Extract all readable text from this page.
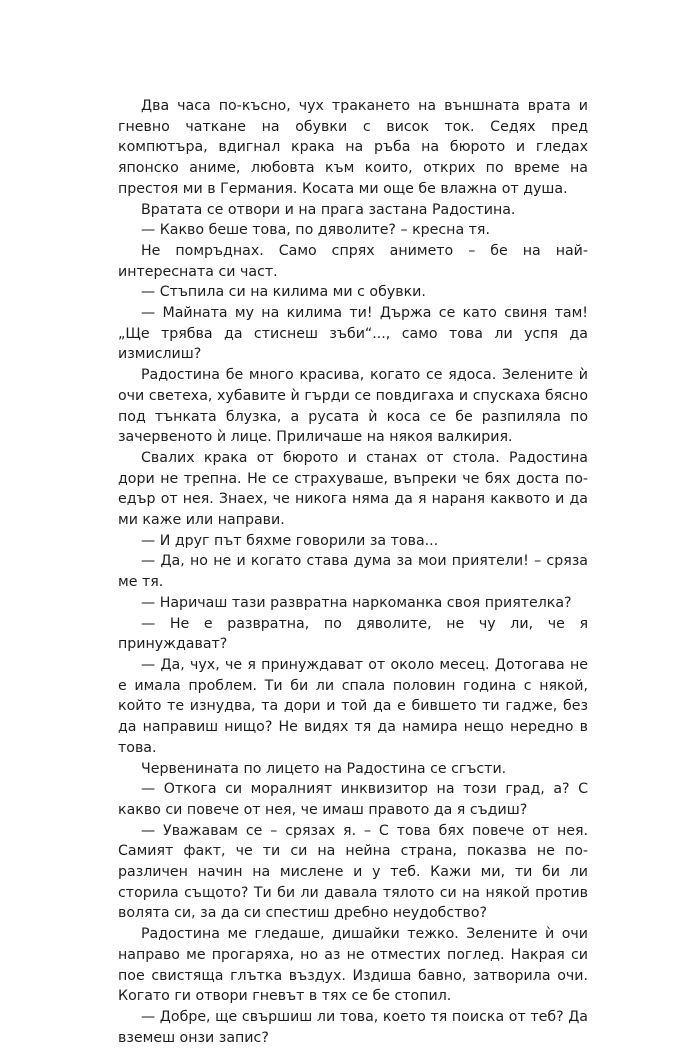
Два часа по-късно, чух тракането на външната врата и гневно чаткане на обувки с висок ток. Седях пред компютъра, вдигнал крака на ръба на бюрото и гледах японско аниме, любовта към които, открих по време на престоя ми в Германия. Косата ми още бе влажна от душа.

Вратата се отвори и на прага застана Радостина.

— Какво беше това, по дяволите? – кресна тя.

Не помръднах. Само спрях анимето – бе на най-интересната си част.

— Стъпила си на килима ми с обувки.

— Майната му на килима ти! Държа се като свиня там! „Ще трябва да стиснеш зъби“..., само това ли успя да измислиш?

Радостина бе много красива, когато се ядоса. Зелените ѝ очи светеха, хубавите ѝ гърди се повдигаха и спускаха бясно под тънката блузка, а русата ѝ коса се бе разпиляла по зачервеното ѝ лице. Приличаше на някоя валкирия.

Свалих крака от бюрото и станах от стола. Радостина дори не трепна. Не се страхуваше, въпреки че бях доста по-едър от нея. Знаех, че никога няма да я нараня каквото и да ми каже или направи.

— И друг път бяхме говорили за това...

— Да, но не и когато става дума за мои приятели! – сряза ме тя.

— Наричаш тази развратна наркоманка своя приятелка?

— Не е развратна, по дяволите, не чу ли, че я принуждават?

— Да, чух, че я принуждават от около месец. Дотогава не е имала проблем. Ти би ли спала половин година с някой, който те изнудва, та дори и той да е бившето ти гадже, без да направиш нищо? Не видях тя да намира нещо нередно в това.

Червенината по лицето на Радостина се сгъсти.

— Откога си моралният инквизитор на този град, а? С какво си повече от нея, че имаш правото да я съдиш?

— Уважавам се – срязах я. – С това бях повече от нея. Самият факт, че ти си на нейна страна, показва не по-различен начин на мислене и у теб. Кажи ми, ти би ли сторила същото? Ти би ли давала тялото си на някой против волята си, за да си спестиш дребно неудобство?

Радостина ме гледаше, дишайки тежко. Зелените ѝ очи направо ме прогаряха, но аз не отместих поглед. Накрая си пое свистяща глътка въздух. Издиша бавно, затворила очи. Когато ги отвори гневът в тях се бе стопил.

— Добре, ще свършиш ли това, което тя поиска от теб? Да вземеш онзи запис?
